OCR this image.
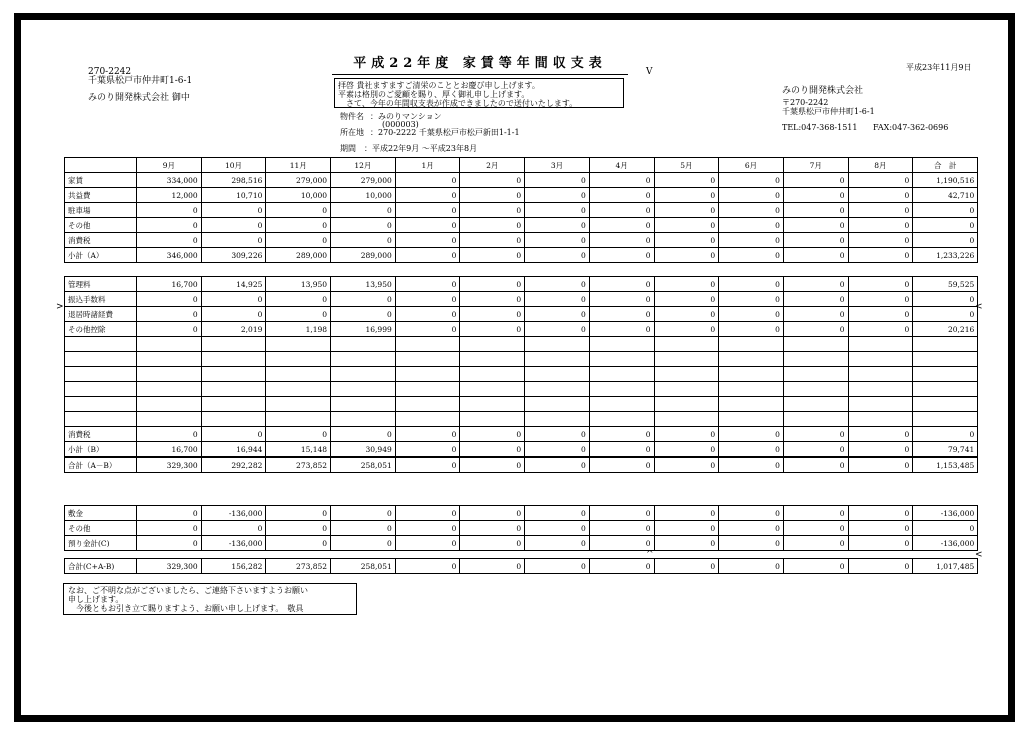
270-2242
千葉県松戸市仲井町1-6-1
みのり開発株式会社 御中
平成22年度 家賃等年間収支表
拝啓 貴社ますますご清栄のこととお慶び申し上げます。
平素は格別のご愛顧を賜り、厚く御礼申し上げます。
　さて、今年の年間収支表が作成できましたので送付いたします。
V
物件名 ：みのりマンション
(000003)
所在地 ：270-2222 千葉県松戸市松戸新田1-1-1
期間 ：平成22年9月 ～平成23年8月
平成23年11月9日
みのり開発株式会社
〒270-2242
千葉県松戸市仲井町1-6-1
TEL:047-368-1511 FAX:047-362-0696
>	<
<
^
	9月	10月	11月	12月	1月	2月	3月	4月	5月	6月	7月	8月	合　計
家賃	334,000	298,516	279,000	279,000	0	0	0	0	0	0	0	0	1,190,516
共益費	12,000	10,710	10,000	10,000	0	0	0	0	0	0	0	0	42,710
駐車場	0	0	0	0	0	0	0	0	0	0	0	0	0
その他	0	0	0	0	0	0	0	0	0	0	0	0	0
消費税	0	0	0	0	0	0	0	0	0	0	0	0	0
小計（A）	346,000	309,226	289,000	289,000	0	0	0	0	0	0	0	0	1,233,226
管理料	16,700	14,925	13,950	13,950	0	0	0	0	0	0	0	0	59,525
振込手数料	0	0	0	0	0	0	0	0	0	0	0	0	0
退居時諸経費	0	0	0	0	0	0	0	0	0	0	0	0	0
その他控除	0	2,019	1,198	16,999	0	0	0	0	0	0	0	0	20,216

消費税	0	0	0	0	0	0	0	0	0	0	0	0	0
小計（B）	16,700	16,944	15,148	30,949	0	0	0	0	0	0	0	0	79,741
合計（A－B）	329,300	292,282	273,852	258,051	0	0	0	0	0	0	0	0	1,153,485
敷金	0	-136,000	0	0	0	0	0	0	0	0	0	0	-136,000
その他	0	0	0	0	0	0	0	0	0	0	0	0	0
預り金計(C)	0	-136,000	0	0	0	0	0	0	0	0	0	0	-136,000
合計(C+A-B)	329,300	156,282	273,852	258,051	0	0	0	0	0	0	0	0	1,017,485
なお、ご不明な点がございましたら、ご連絡下さいますようお願い
申し上げます。
　今後ともお引き立て賜りますよう、お願い申し上げます。　敬具
